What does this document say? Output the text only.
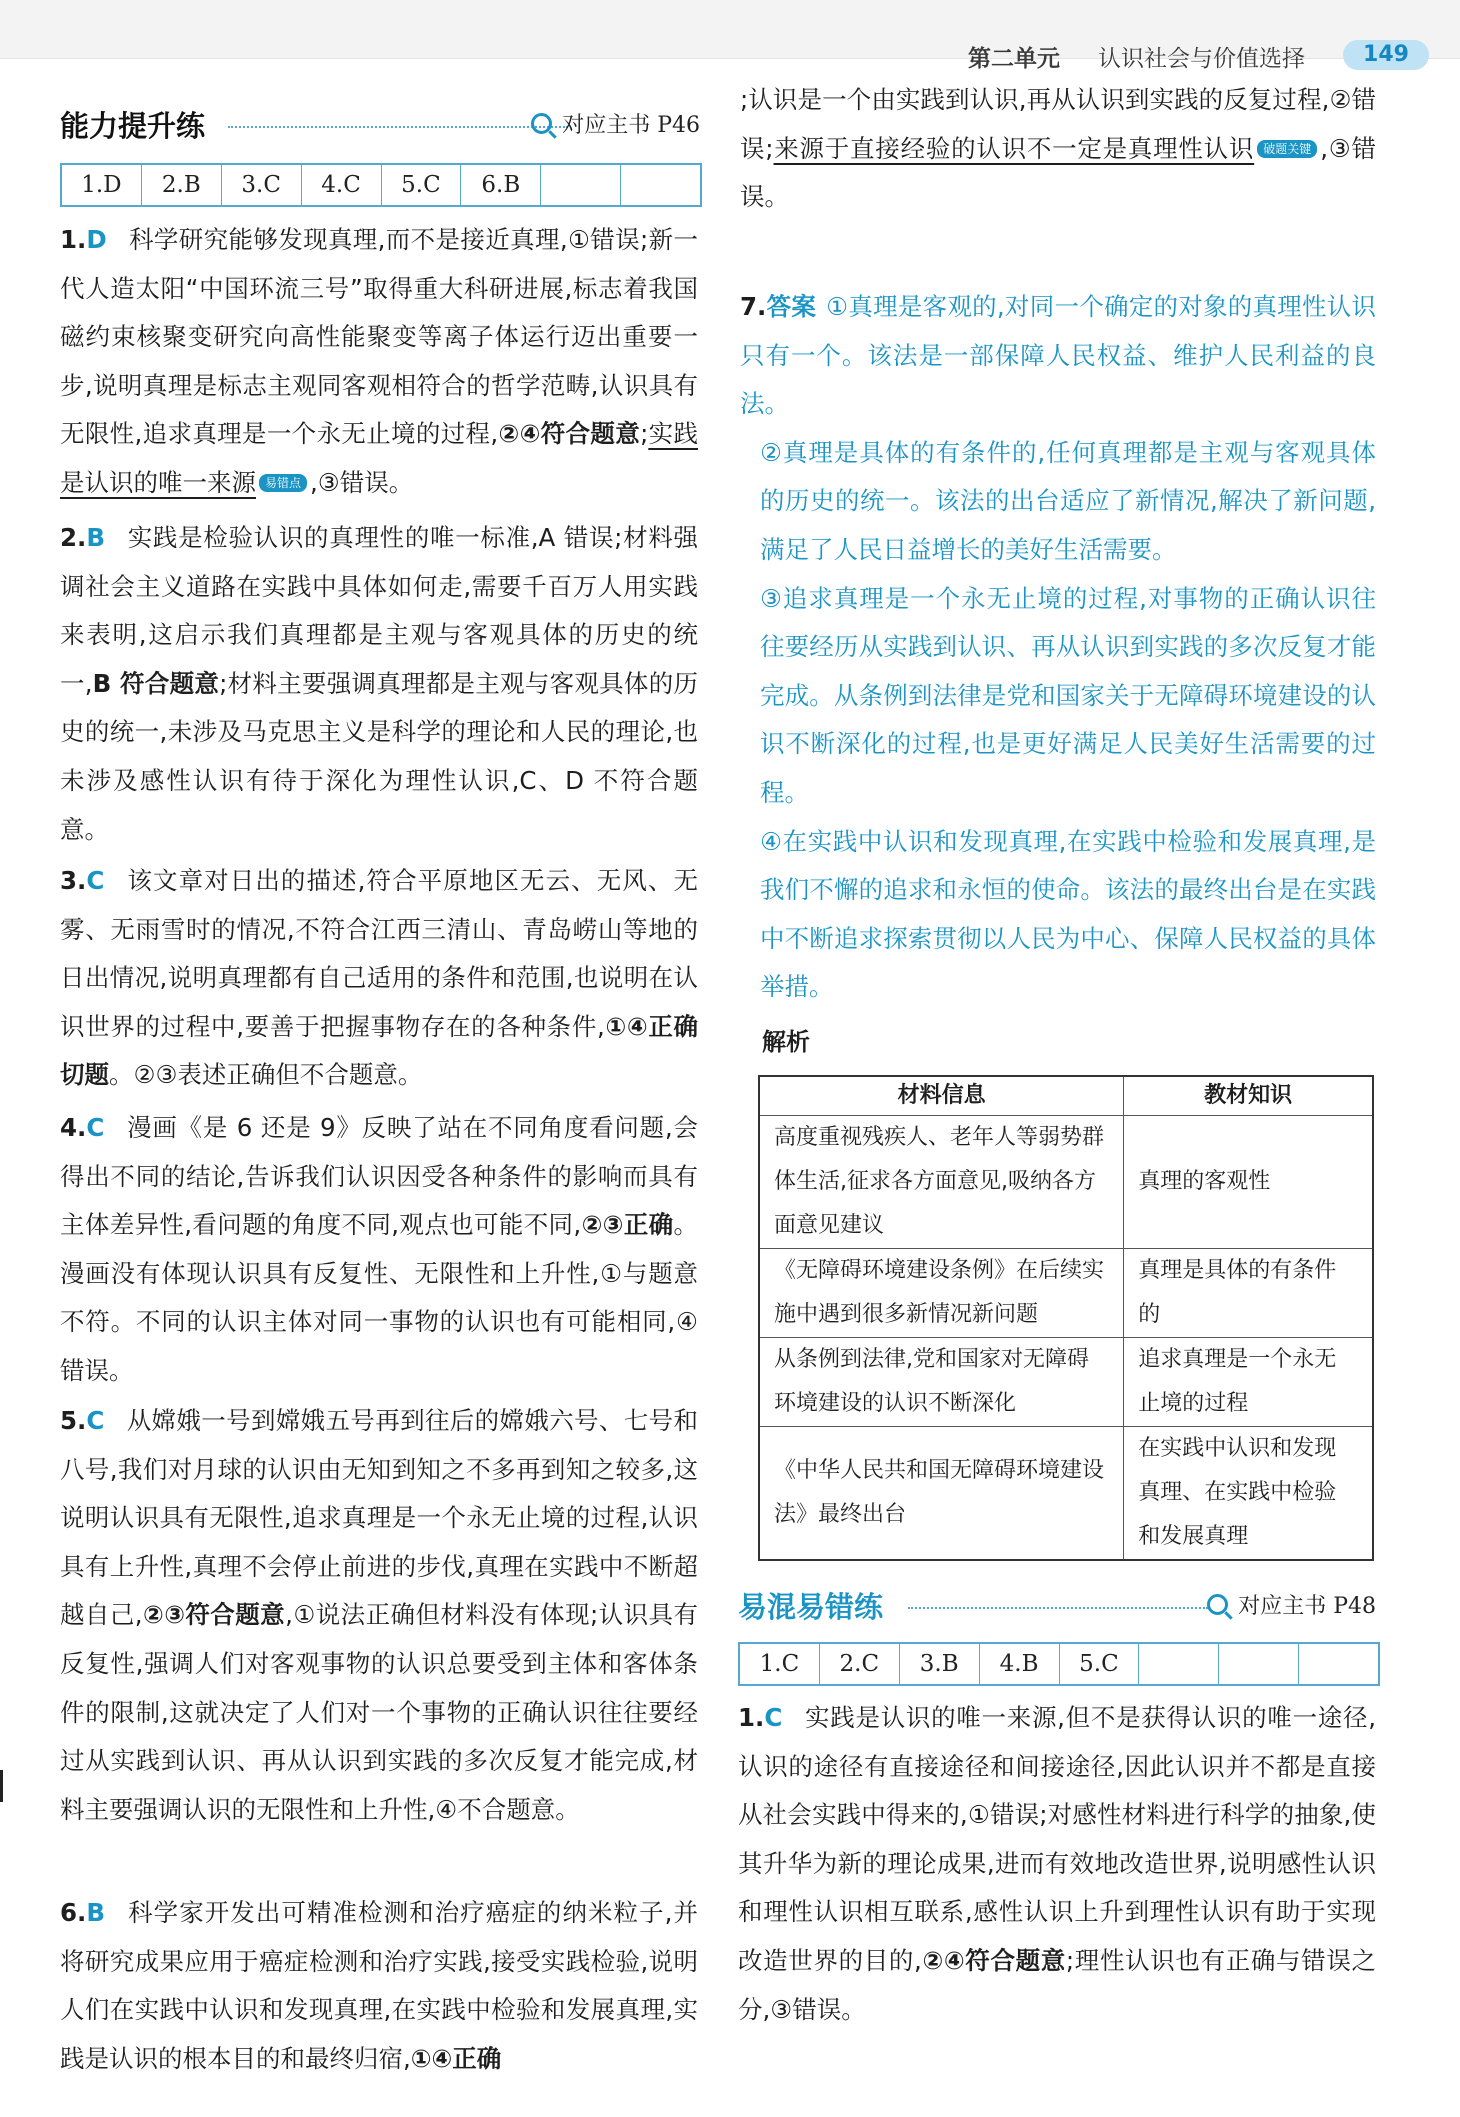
第二单元 认识社会与价值选择	149
能力提升练	对应主书 P46
1.D	2.B	3.C	4.C	5.C	6.B
1.D 科学研究能够发现真理,而不是接近真理,①错误;新一代人造太阳“中国环流三号”取得重大科研进展,标志着我国磁约束核聚变研究向高性能聚变等离子体运行迈出重要一步,说明真理是标志主观同客观相符合的哲学范畴,认识具有无限性,追求真理是一个永无止境的过程,②④符合题意;实践是认识的唯一来源 易错点 ,③错误。
2.B 实践是检验认识的真理性的唯一标准,A 错误;材料强调社会主义道路在实践中具体如何走,需要千百万人用实践来表明,这启示我们真理都是主观与客观具体的历史的统一,B 符合题意;材料主要强调真理都是主观与客观具体的历史的统一,未涉及马克思主义是科学的理论和人民的理论,也未涉及感性认识有待于深化为理性认识,C、D 不符合题意。
3.C 该文章对日出的描述,符合平原地区无云、无风、无雾、无雨雪时的情况,不符合江西三清山、青岛崂山等地的日出情况,说明真理都有自己适用的条件和范围,也说明在认识世界的过程中,要善于把握事物存在的各种条件,①④正确切题。②③表述正确但不合题意。
4.C 漫画《是 6 还是 9》反映了站在不同角度看问题,会得出不同的结论,告诉我们认识因受各种条件的影响而具有主体差异性,看问题的角度不同,观点也可能不同,②③正确。漫画没有体现认识具有反复性、无限性和上升性,①与题意不符。不同的认识主体对同一事物的认识也有可能相同,④错误。
5.C 从嫦娥一号到嫦娥五号再到往后的嫦娥六号、七号和八号,我们对月球的认识由无知到知之不多再到知之较多,这说明认识具有无限性,追求真理是一个永无止境的过程,认识具有上升性,真理不会停止前进的步伐,真理在实践中不断超越自己,②③符合题意,①说法正确但材料没有体现;认识具有反复性,强调人们对客观事物的认识总要受到主体和客体条件的限制,这就决定了人们对一个事物的正确认识往往要经过从实践到认识、再从认识到实践的多次反复才能完成,材料主要强调认识的无限性和上升性,④不合题意。
6.B 科学家开发出可精准检测和治疗癌症的纳米粒子,并将研究成果应用于癌症检测和治疗实践,接受实践检验,说明人们在实践中认识和发现真理,在实践中检验和发展真理,实践是认识的根本目的和最终归宿,①④正确
7.答案 ①真理是客观的,对同一个确定的对象的真理性认识只有一个。该法是一部保障人民权益、维护人民利益的良法。
②真理是具体的有条件的,任何真理都是主观与客观具体的历史的统一。该法的出台适应了新情况,解决了新问题,满足了人民日益增长的美好生活需要。
③追求真理是一个永无止境的过程,对事物的正确认识往往要经历从实践到认识、再从认识到实践的多次反复才能完成。从条例到法律是党和国家关于无障碍环境建设的认识不断深化的过程,也是更好满足人民美好生活需要的过程。
④在实践中认识和发现真理,在实践中检验和发展真理,是我们不懈的追求和永恒的使命。该法的最终出台是在实践中不断追求探索贯彻以人民为中心、保障人民权益的具体举措。
解析
材料信息	教材知识
高度重视残疾人、老年人等弱势群体生活,征求各方面意见,吸纳各方面意见建议	真理的客观性
《无障碍环境建设条例》在后续实施中遇到很多新情况新问题	真理是具体的有条件的
从条例到法律,党和国家对无障碍环境建设的认识不断深化	追求真理是一个永无止境的过程
《中华人民共和国无障碍环境建设法》最终出台	在实践中认识和发现真理、在实践中检验和发展真理
易混易错练	对应主书 P48
1.C	2.C	3.B	4.B	5.C
1.C 实践是认识的唯一来源,但不是获得认识的唯一途径,认识的途径有直接途径和间接途径,因此认识并不都是直接从社会实践中得来的,①错误;对感性材料进行科学的抽象,使其升华为新的理论成果,进而有效地改造世界,说明感性认识和理性认识相互联系,感性认识上升到理性认识有助于实现改造世界的目的,②④符合题意;理性认识也有正确与错误之分,③错误。
;认识是一个由实践到认识,再从认识到实践的反复过程,②错误;来源于直接经验的认识不一定是真理性认识 破题关键 ,③错误。
